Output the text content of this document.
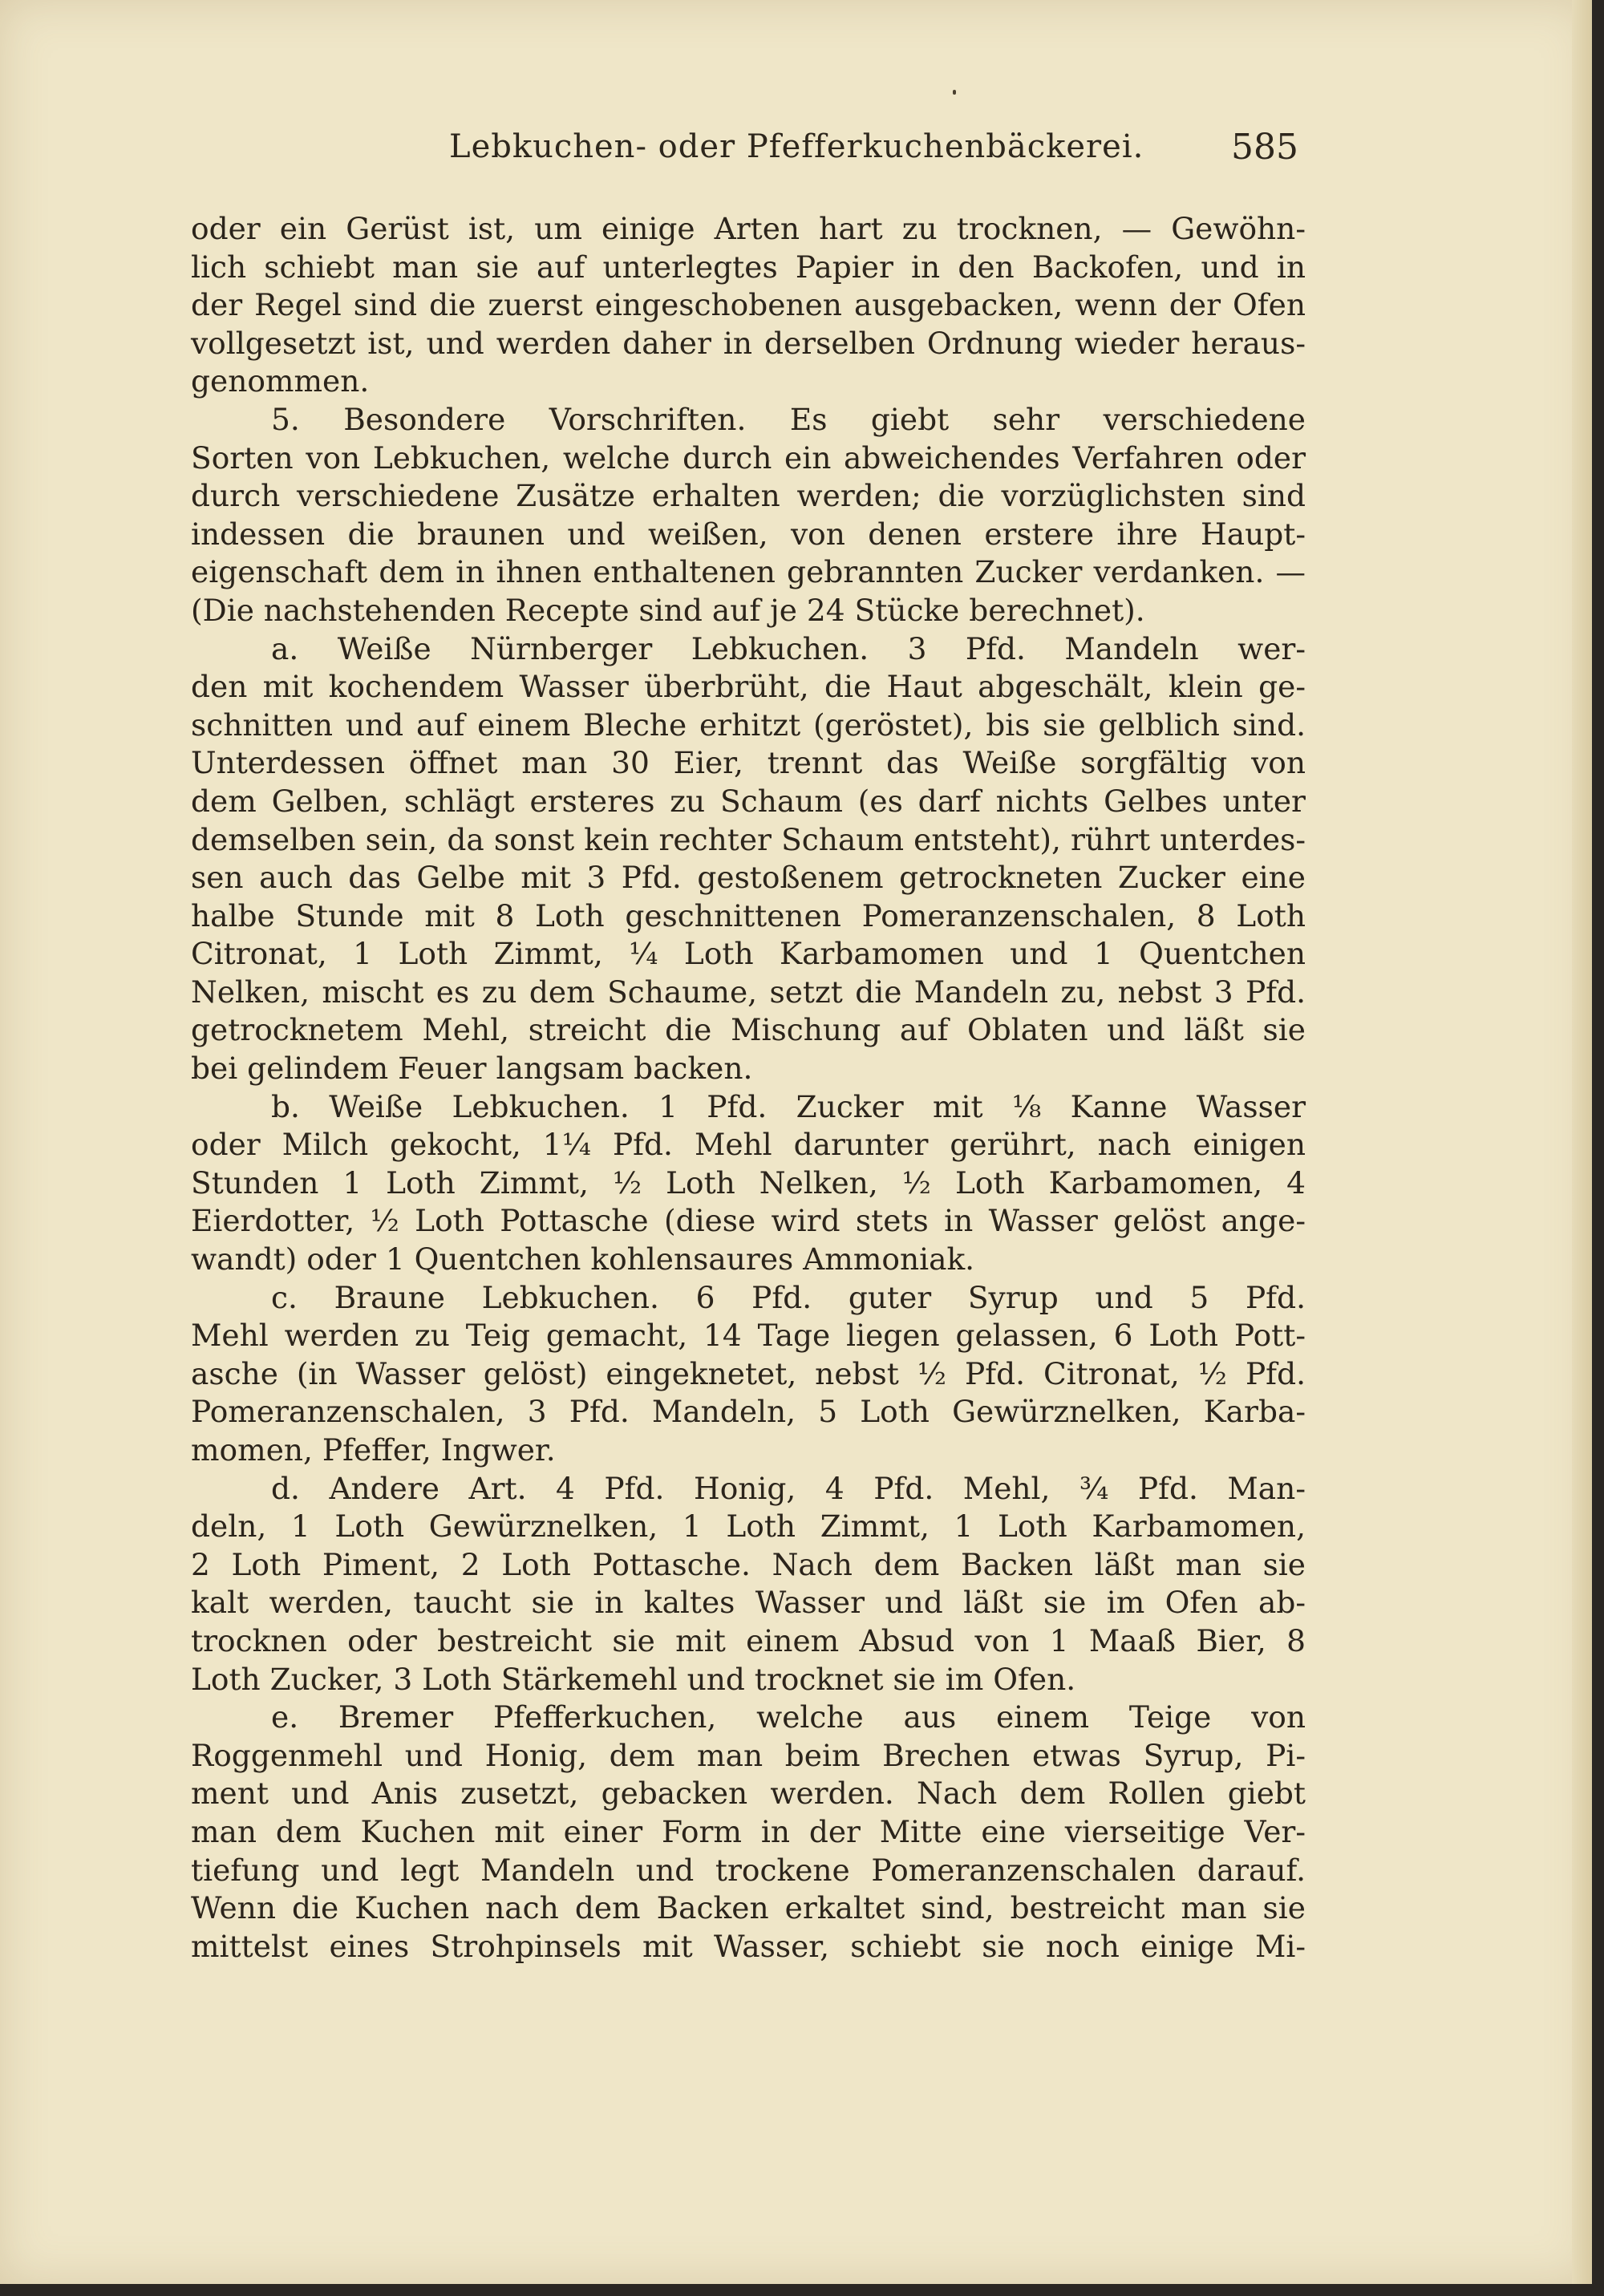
Lebkuchen- oder Pfefferkuchenbäckerei.	585
oder ein Gerüst ist, um einige Arten hart zu trocknen, — Gewöhn-
lich schiebt man sie auf unterlegtes Papier in den Backofen, und in
der Regel sind die zuerst eingeschobenen ausgebacken, wenn der Ofen
vollgesetzt ist, und werden daher in derselben Ordnung wieder heraus-
genommen.
5. Besondere Vorschriften. Es giebt sehr verschiedene
Sorten von Lebkuchen, welche durch ein abweichendes Verfahren oder
durch verschiedene Zusätze erhalten werden; die vorzüglichsten sind
indessen die braunen und weißen, von denen erstere ihre Haupt-
eigenschaft dem in ihnen enthaltenen gebrannten Zucker verdanken. —
(Die nachstehenden Recepte sind auf je 24 Stücke berechnet).
a. Weiße Nürnberger Lebkuchen. 3 Pfd. Mandeln wer-
den mit kochendem Wasser überbrüht, die Haut abgeschält, klein ge-
schnitten und auf einem Bleche erhitzt (geröstet), bis sie gelblich sind.
Unterdessen öffnet man 30 Eier, trennt das Weiße sorgfältig von
dem Gelben, schlägt ersteres zu Schaum (es darf nichts Gelbes unter
demselben sein, da sonst kein rechter Schaum entsteht), rührt unterdes-
sen auch das Gelbe mit 3 Pfd. gestoßenem getrockneten Zucker eine
halbe Stunde mit 8 Loth geschnittenen Pomeranzenschalen, 8 Loth
Citronat, 1 Loth Zimmt, ¼ Loth Karbamomen und 1 Quentchen
Nelken, mischt es zu dem Schaume, setzt die Mandeln zu, nebst 3 Pfd.
getrocknetem Mehl, streicht die Mischung auf Oblaten und läßt sie
bei gelindem Feuer langsam backen.
b. Weiße Lebkuchen. 1 Pfd. Zucker mit ⅛ Kanne Wasser
oder Milch gekocht, 1¼ Pfd. Mehl darunter gerührt, nach einigen
Stunden 1 Loth Zimmt, ½ Loth Nelken, ½ Loth Karbamomen, 4
Eierdotter, ½ Loth Pottasche (diese wird stets in Wasser gelöst ange-
wandt) oder 1 Quentchen kohlensaures Ammoniak.
c. Braune Lebkuchen. 6 Pfd. guter Syrup und 5 Pfd.
Mehl werden zu Teig gemacht, 14 Tage liegen gelassen, 6 Loth Pott-
asche (in Wasser gelöst) eingeknetet, nebst ½ Pfd. Citronat, ½ Pfd.
Pomeranzenschalen, 3 Pfd. Mandeln, 5 Loth Gewürznelken, Karba-
momen, Pfeffer, Ingwer.
d. Andere Art. 4 Pfd. Honig, 4 Pfd. Mehl, ¾ Pfd. Man-
deln, 1 Loth Gewürznelken, 1 Loth Zimmt, 1 Loth Karbamomen,
2 Loth Piment, 2 Loth Pottasche. Nach dem Backen läßt man sie
kalt werden, taucht sie in kaltes Wasser und läßt sie im Ofen ab-
trocknen oder bestreicht sie mit einem Absud von 1 Maaß Bier, 8
Loth Zucker, 3 Loth Stärkemehl und trocknet sie im Ofen.
e. Bremer Pfefferkuchen, welche aus einem Teige von
Roggenmehl und Honig, dem man beim Brechen etwas Syrup, Pi-
ment und Anis zusetzt, gebacken werden. Nach dem Rollen giebt
man dem Kuchen mit einer Form in der Mitte eine vierseitige Ver-
tiefung und legt Mandeln und trockene Pomeranzenschalen darauf.
Wenn die Kuchen nach dem Backen erkaltet sind, bestreicht man sie
mittelst eines Strohpinsels mit Wasser, schiebt sie noch einige Mi-
